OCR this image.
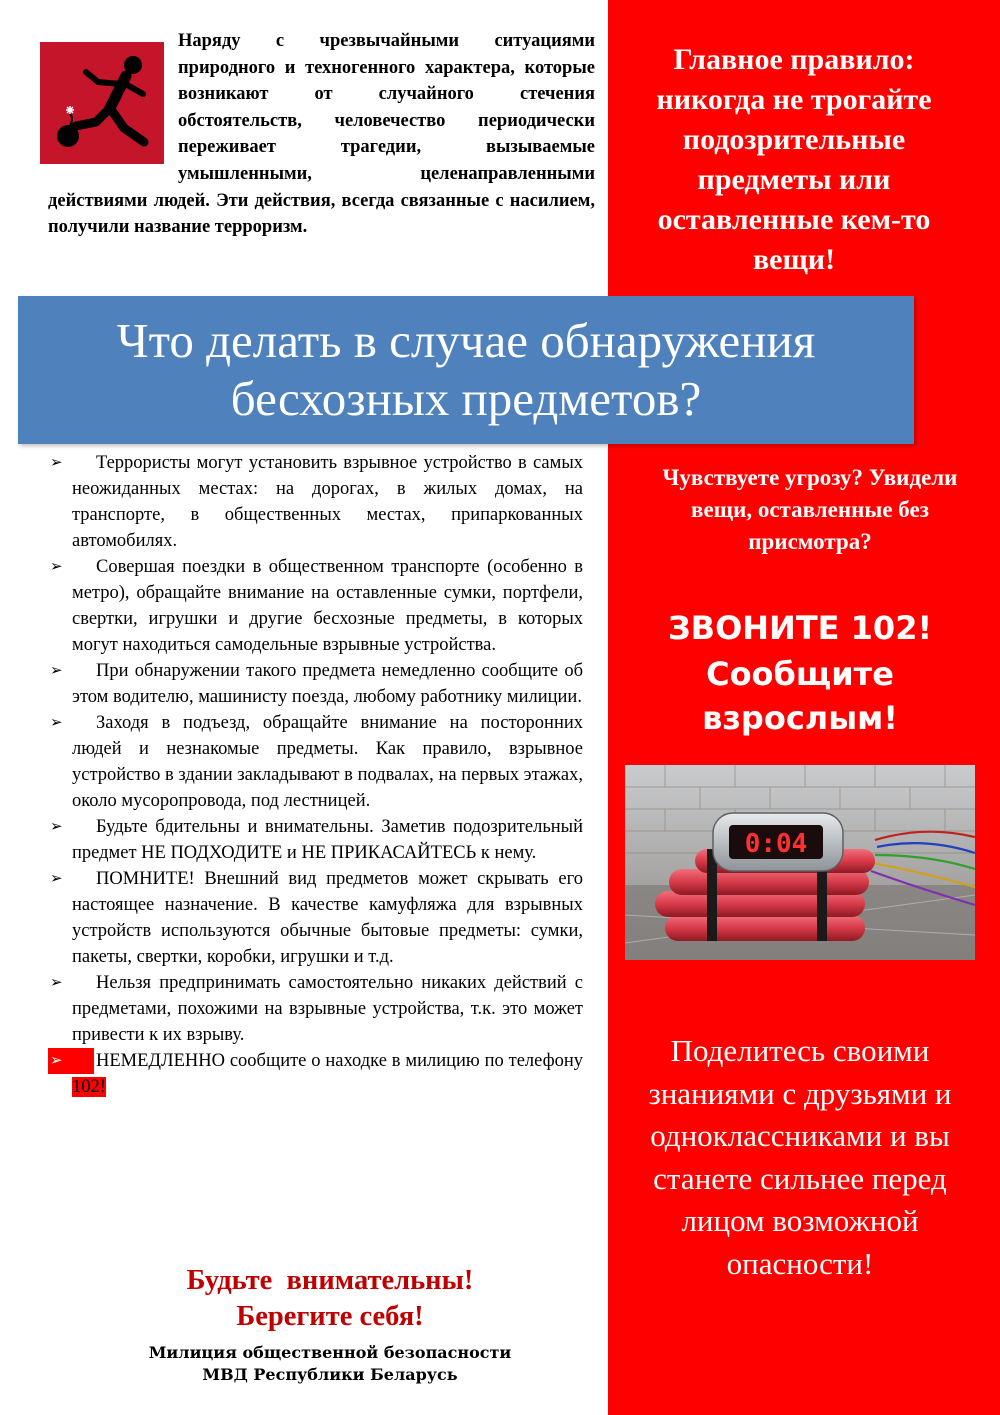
Наряду с чрезвычайными ситуациями природного и техногенного характера, которые возникают от случайного стечения обстоятельств, человечество периодически переживает трагедии, вызываемые умышленными, целенаправленными действиями людей. Эти действия, всегда связанные с насилием, получили название терроризм.

Главное правило: никогда не трогайте подозрительные предметы или оставленные кем-то вещи!
Что делать в случае обнаружения
бесхозных предметов?
➢ Террористы могут установить взрывное устройство в самых неожиданных местах: на дорогах, в жилых домах, на транспорте, в общественных местах, припаркованных автомобилях.
➢ Совершая поездки в общественном транспорте (особенно в метро), обращайте внимание на оставленные сумки, портфели, свертки, игрушки и другие бесхозные предметы, в которых могут находиться самодельные взрывные устройства.
➢ При обнаружении такого предмета немедленно сообщите об этом водителю, машинисту поезда, любому работнику милиции.
➢ Заходя в подъезд, обращайте внимание на посторонних людей и незнакомые предметы. Как правило, взрывное устройство в здании закладывают в подвалах, на первых этажах, около мусоропровода, под лестницей.
➢ Будьте бдительны и внимательны. Заметив подозрительный предмет НЕ ПОДХОДИТЕ и НЕ ПРИКАСАЙТЕСЬ к нему.
➢ ПОМНИТЕ! Внешний вид предметов может скрывать его настоящее назначение. В качестве камуфляжа для взрывных устройств используются обычные бытовые предметы: сумки, пакеты, свертки, коробки, игрушки и т.д.
➢ Нельзя предпринимать самостоятельно никаких действий с предметами, похожими на взрывные устройства, т.к. это может привести к их взрыву.
➢	НЕМЕДЛЕННО сообщите о находке в милицию по телефону 102!
Чувствуете угрозу? Увидели вещи, оставленные без присмотра?
ЗВОНИТЕ 102!
Сообщите
взрослым!
0:04
Поделитесь своими знаниями с друзьями и одноклассниками и вы станете сильнее перед лицом возможной опасности!
Будьте  внимательны!
Берегите себя!
Милиция общественной безопасности
МВД Республики Беларусь
